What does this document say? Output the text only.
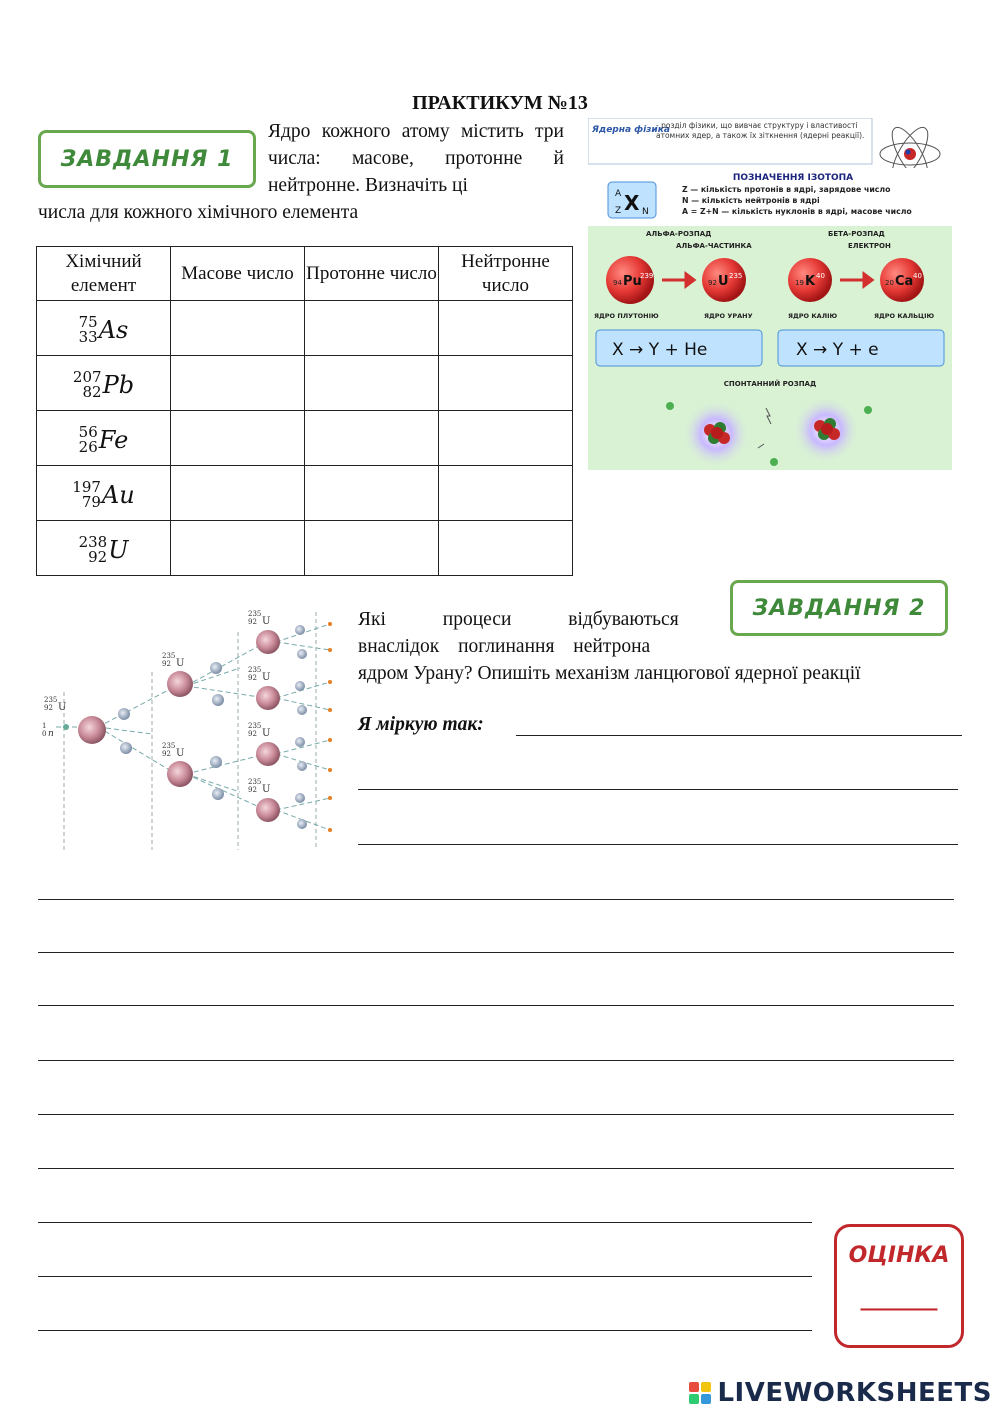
ПРАКТИКУМ №13
ЗАВДАННЯ 1
Ядро кожного атому містить три числа: масове, протонне й нейтронне. Визначіть ці
числа для кожного хімічного елемента
Хімічний елемент	Масове число	Протонне число	Нейтронне число

75
33 As			

207
82 Pb			

56
26 Fe			

197
79 Au			

238
92 U			

Ядерна фізика
- розділ фізики, що вивчає структуру і властивості атомних ядер, а також їх зіткнення (ядерні реакції).
ПОЗНАЧЕННЯ ІЗОТОПА
A
Z X N
Z — кількість протонів в ядрі, зарядове число
N — кількість нейтронів в ядрі
A = Z+N — кількість нуклонів в ядрі, масове число
АЛЬФА-РОЗПАД
АЛЬФА-ЧАСТИНКА
БЕТА-РОЗПАД
ЕЛЕКТРОН
94 Pu
239
92 U 235
ЯДРО ПЛУТОНІЮ	ЯДРО УРАНУ
19 K 40
20 Ca 40
ЯДРО КАЛІЮ	ЯДРО КАЛЬЦІЮ
X → Y + He	X → Y + e
СПОНТАННИЙ РОЗПАД
ЗАВДАННЯ 2
1
0 n
235
92 U
235
92 U
235
92 U
235
92 U
235
92 U
235
92 U
235
92 U
Які процеси відбуваються
внаслідок поглинання нейтрона
ядром Урану? Опишіть механізм ланцюгової ядерної реакції
Я міркую так:
ОЦІНКА
_______
LIVEWORKSHEETS
